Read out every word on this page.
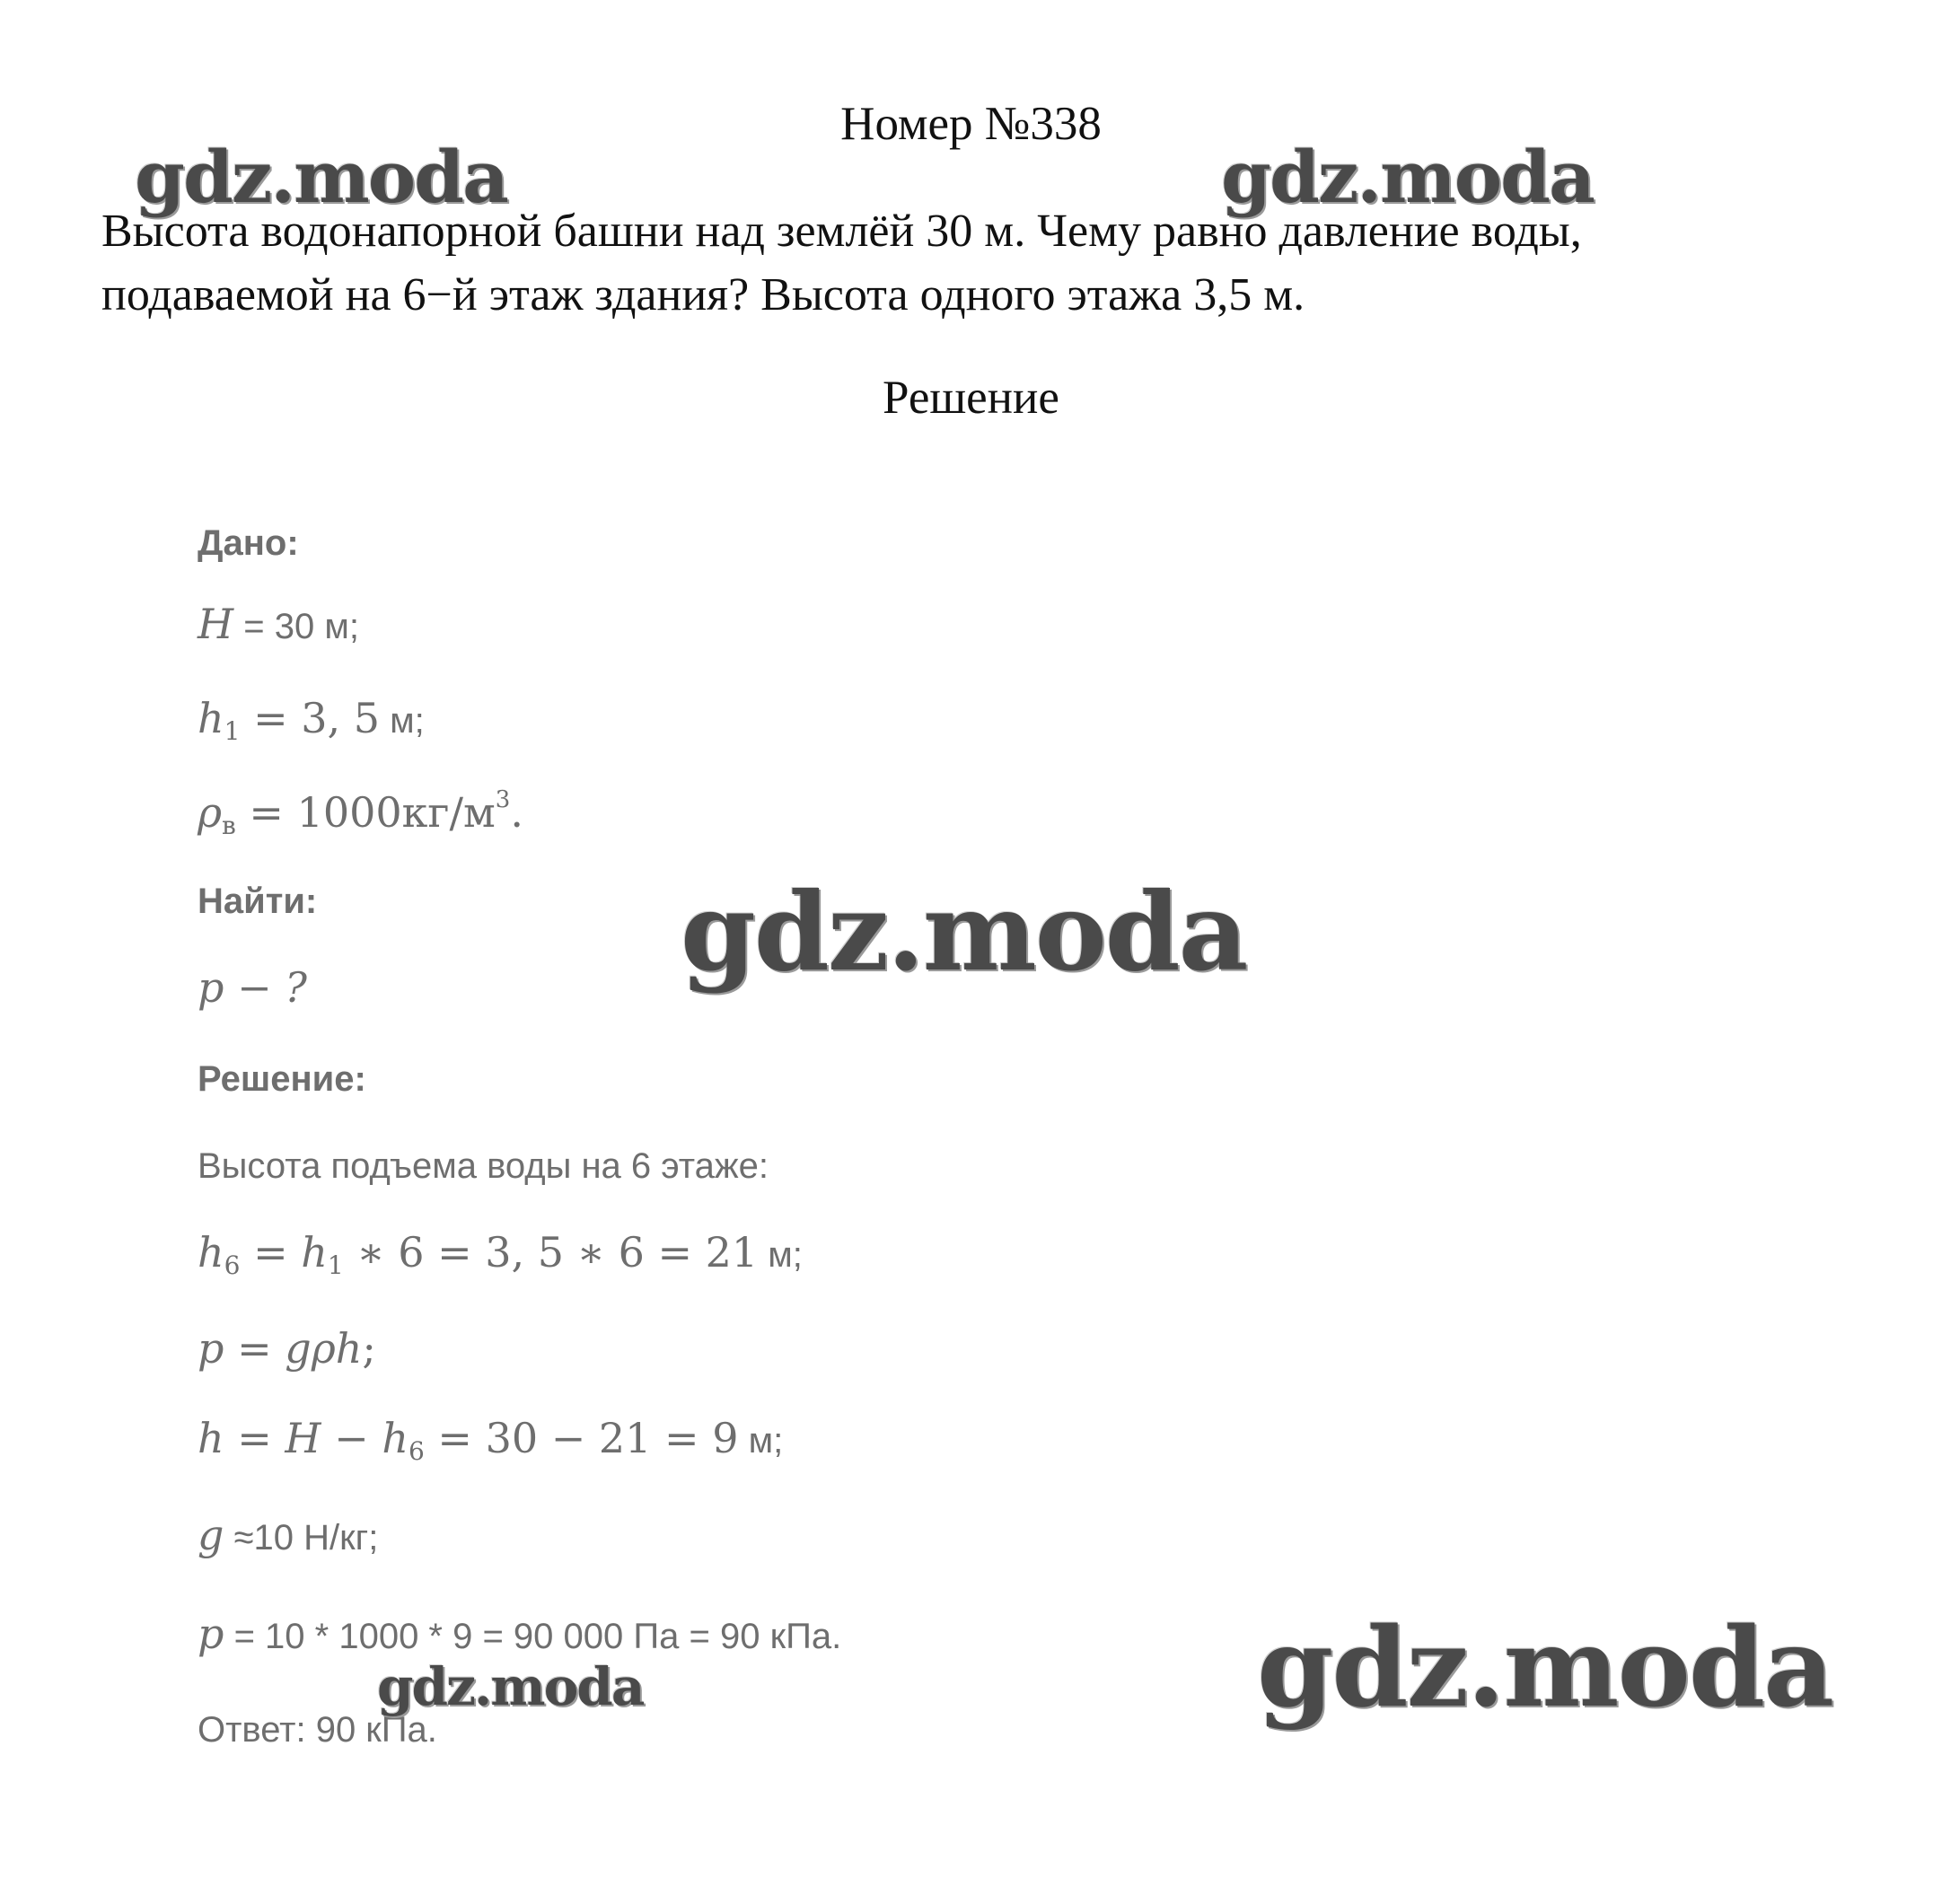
Номер №338

Высота водонапорной башни над землёй 30 м. Чему равно давление воды,

подаваемой на 6−й этаж здания? Высота одного этажа 3,5 м.

Решение
Дано:
H = 30 м;
$h_1 = 3$, 5 м;
$\rho_в = 1000кг/м^3$.
Найти:
p − ?
Решение:
Высота подъема воды на 6 этаже:
$h_6 = h_1$ ∗ 6 = 3, 5 ∗ 6 = 21 м;
p = gρh;
$h = H - h_6 = 30 - 21 = 9$ м;
g ≈10 Н/кг;
p = 10 * 1000 * 9 = 90 000 Па = 90 кПа.
Ответ: 90 кПа.
gdz.moda	gdz.moda
gdz.moda
gdz.moda
gdz.moda
